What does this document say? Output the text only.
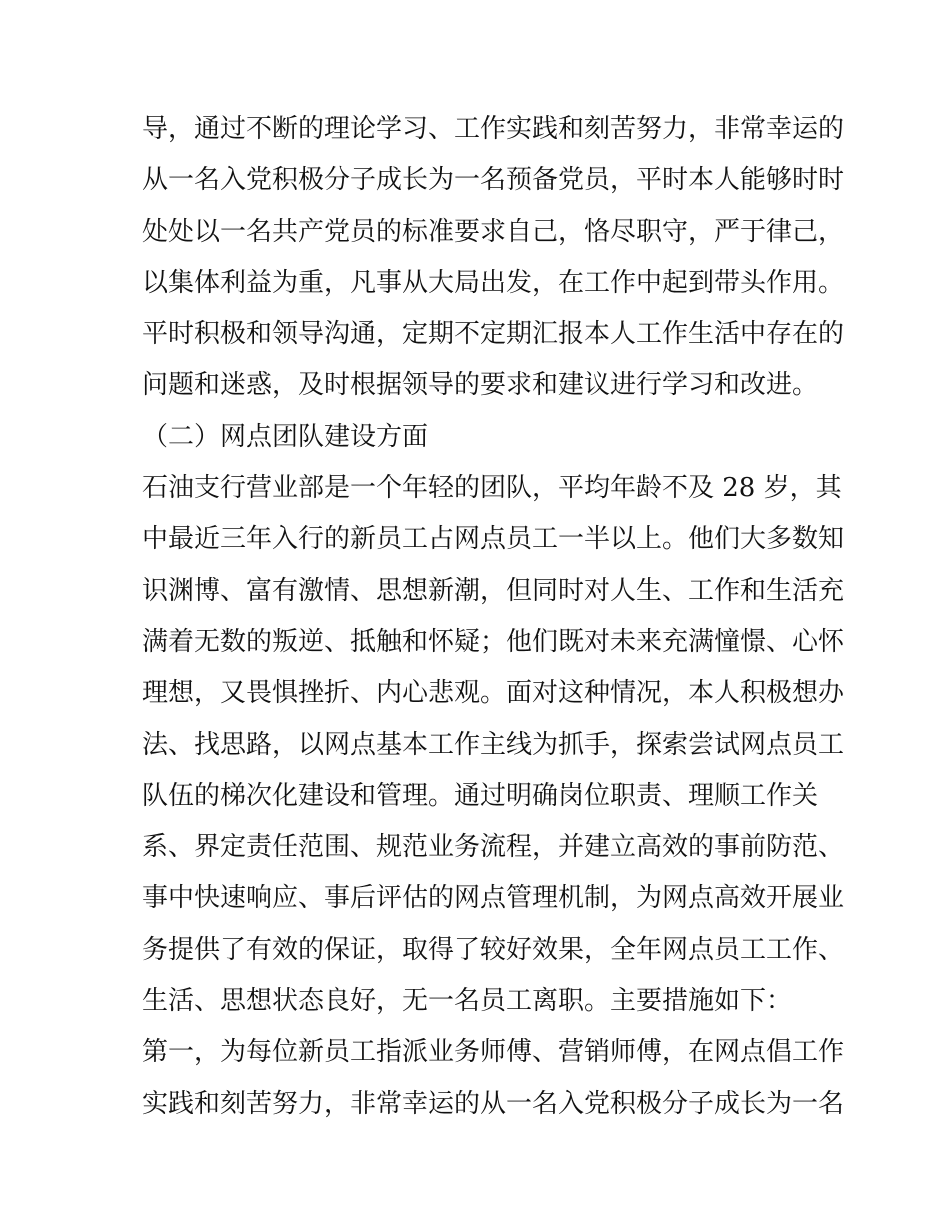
导，通过不断的理论学习、工作实践和刻苦努力，非常幸运的
从一名入党积极分子成长为一名预备党员，平时本人能够时时
处处以一名共产党员的标准要求自己，恪尽职守，严于律己，
以集体利益为重，凡事从大局出发，在工作中起到带头作用。
平时积极和领导沟通，定期不定期汇报本人工作生活中存在的
问题和迷惑，及时根据领导的要求和建议进行学习和改进。
（二）网点团队建设方面
石油支行营业部是一个年轻的团队，平均年龄不及 28 岁，其
中最近三年入行的新员工占网点员工一半以上。他们大多数知
识渊博、富有激情、思想新潮，但同时对人生、工作和生活充
满着无数的叛逆、抵触和怀疑；他们既对未来充满憧憬、心怀
理想，又畏惧挫折、内心悲观。面对这种情况，本人积极想办
法、找思路，以网点基本工作主线为抓手，探索尝试网点员工
队伍的梯次化建设和管理。通过明确岗位职责、理顺工作关
系、界定责任范围、规范业务流程，并建立高效的事前防范、
事中快速响应、事后评估的网点管理机制，为网点高效开展业
务提供了有效的保证，取得了较好效果，全年网点员工工作、
生活、思想状态良好，无一名员工离职。主要措施如下：
第一，为每位新员工指派业务师傅、营销师傅，在网点倡工作
实践和刻苦努力，非常幸运的从一名入党积极分子成长为一名
